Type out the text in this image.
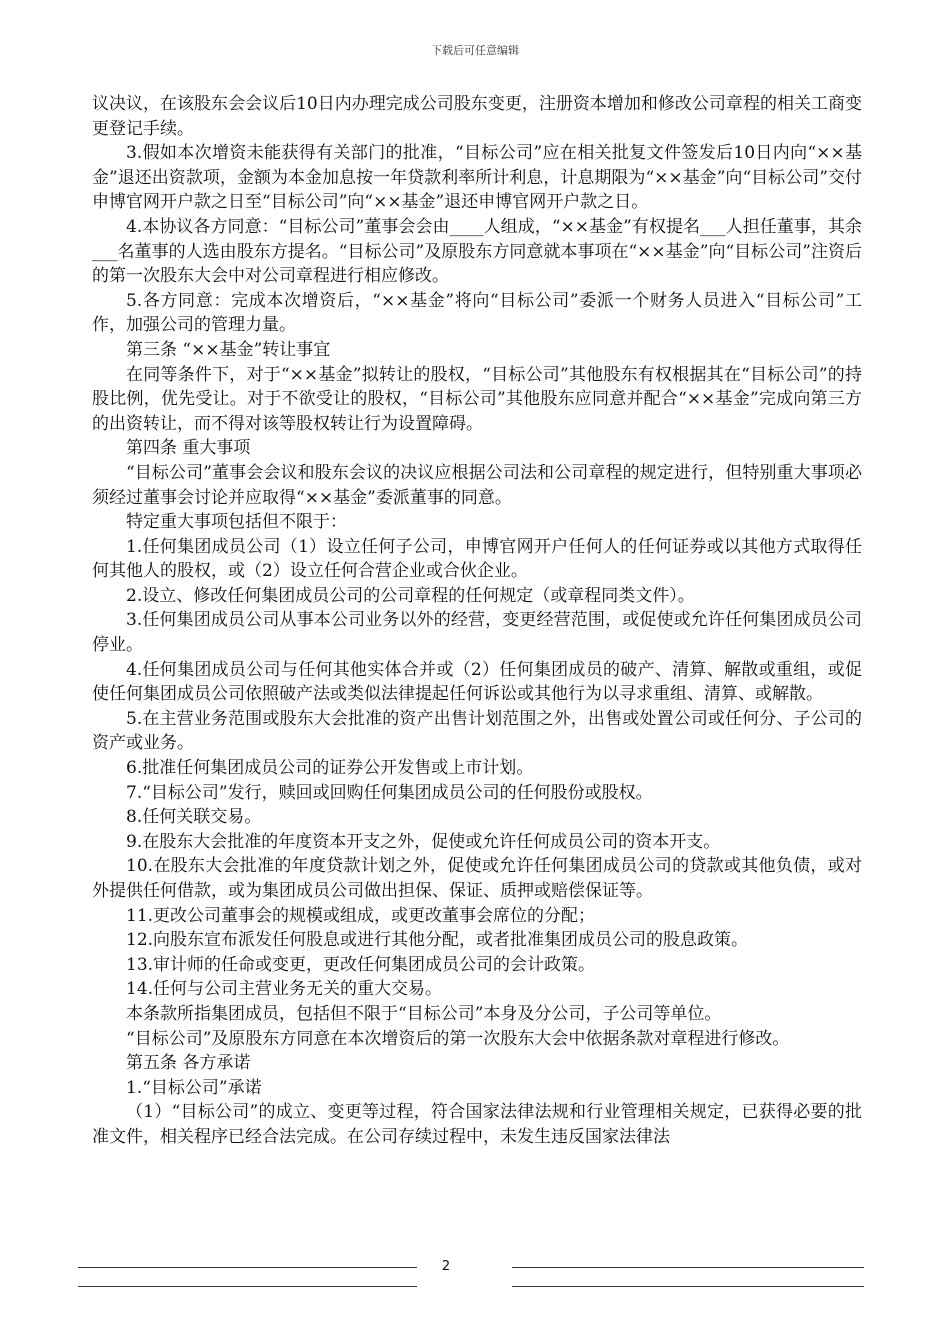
下载后可任意编辑

议决议，在该股东会会议后10日内办理完成公司股东变更，注册资本增加和修改公司章程的相关工商变更登记手续。

3.假如本次增资未能获得有关部门的批准，“目标公司”应在相关批复文件签发后10日内向“××基金”退还出资款项，金额为本金加息按一年贷款利率所计利息，计息期限为“××基金”向“目标公司”交付申博官网开户款之日至“目标公司”向“××基金”退还申博官网开户款之日。

4.本协议各方同意：“目标公司”董事会会由____人组成，“××基金”有权提名___人担任董事，其余___名董事的人选由股东方提名。“目标公司”及原股东方同意就本事项在“××基金”向“目标公司”注资后的第一次股东大会中对公司章程进行相应修改。

5.各方同意：完成本次增资后，“××基金”将向“目标公司”委派一个财务人员进入“目标公司”工作，加强公司的管理力量。

第三条 “××基金”转让事宜

在同等条件下，对于“××基金”拟转让的股权，“目标公司”其他股东有权根据其在“目标公司”的持股比例，优先受让。对于不欲受让的股权，“目标公司”其他股东应同意并配合“××基金”完成向第三方的出资转让，而不得对该等股权转让行为设置障碍。

第四条 重大事项

“目标公司”董事会会议和股东会议的决议应根据公司法和公司章程的规定进行，但特别重大事项必须经过董事会讨论并应取得“××基金”委派董事的同意。

特定重大事项包括但不限于：

1.任何集团成员公司（1）设立任何子公司，申博官网开户任何人的任何证券或以其他方式取得任何其他人的股权，或（2）设立任何合营企业或合伙企业。

2.设立、修改任何集团成员公司的公司章程的任何规定（或章程同类文件）。

3.任何集团成员公司从事本公司业务以外的经营，变更经营范围，或促使或允许任何集团成员公司停业。

4.任何集团成员公司与任何其他实体合并或（2）任何集团成员的破产、清算、解散或重组，或促使任何集团成员公司依照破产法或类似法律提起任何诉讼或其他行为以寻求重组、清算、或解散。

5.在主营业务范围或股东大会批准的资产出售计划范围之外，出售或处置公司或任何分、子公司的资产或业务。

6.批准任何集团成员公司的证券公开发售或上市计划。

7.“目标公司”发行，赎回或回购任何集团成员公司的任何股份或股权。

8.任何关联交易。

9.在股东大会批准的年度资本开支之外，促使或允许任何成员公司的资本开支。

10.在股东大会批准的年度贷款计划之外，促使或允许任何集团成员公司的贷款或其他负债，或对外提供任何借款，或为集团成员公司做出担保、保证、质押或赔偿保证等。

11.更改公司董事会的规模或组成，或更改董事会席位的分配；

12.向股东宣布派发任何股息或进行其他分配，或者批准集团成员公司的股息政策。

13.审计师的任命或变更，更改任何集团成员公司的会计政策。

14.任何与公司主营业务无关的重大交易。

本条款所指集团成员，包括但不限于“目标公司”本身及分公司，子公司等单位。

“目标公司”及原股东方同意在本次增资后的第一次股东大会中依据条款对章程进行修改。

第五条 各方承诺

1.“目标公司”承诺

（1）“目标公司”的成立、变更等过程，符合国家法律法规和行业管理相关规定，已获得必要的批准文件，相关程序已经合法完成。在公司存续过程中，未发生违反国家法律法

2
